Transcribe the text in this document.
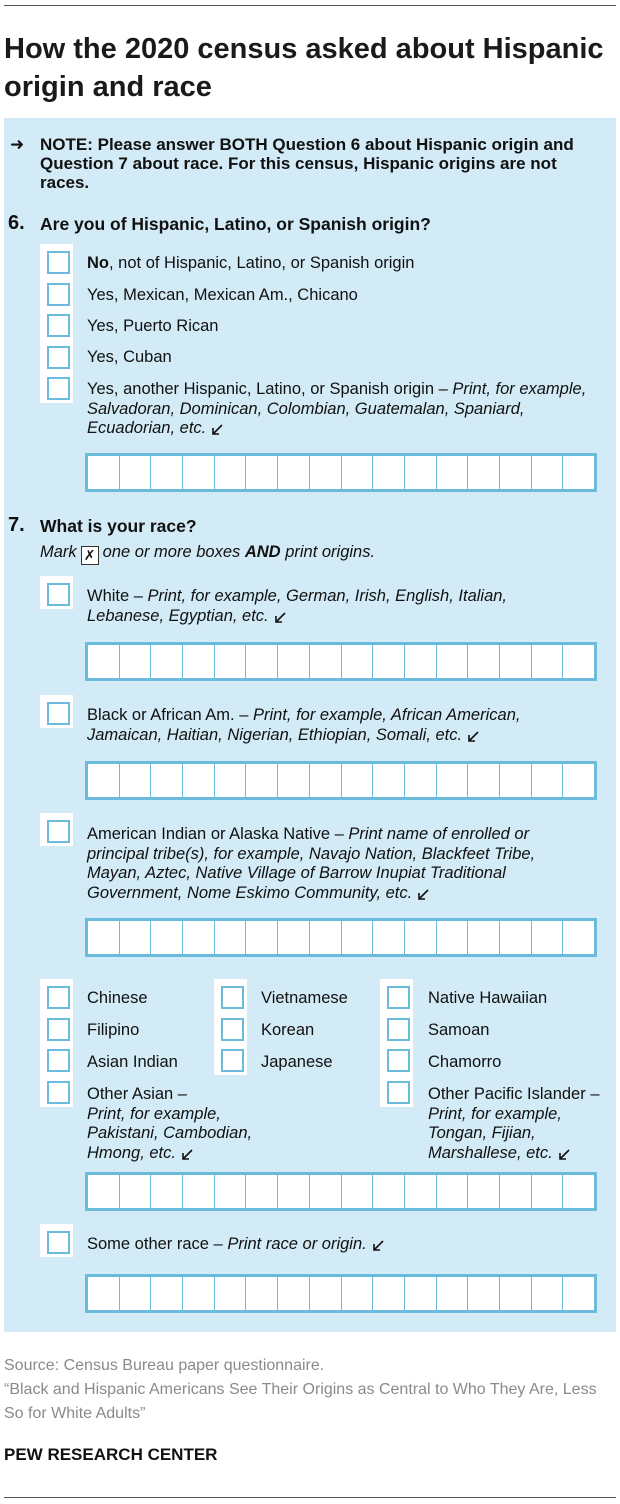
How the 2020 census asked about Hispanic origin and race
➜ NOTE: Please answer BOTH Question 6 about Hispanic origin and Question 7 about race. For this census, Hispanic origins are not races.
6. Are you of Hispanic, Latino, or Spanish origin?
No, not of Hispanic, Latino, or Spanish origin
Yes, Mexican, Mexican Am., Chicano
Yes, Puerto Rican
Yes, Cuban
Yes, another Hispanic, Latino, or Spanish origin – Print, for example, Salvadoran, Dominican, Colombian, Guatemalan, Spaniard, Ecuadorian, etc.
7. What is your race?
Mark ✗ one or more boxes AND print origins.
White – Print, for example, German, Irish, English, Italian, Lebanese, Egyptian, etc.
Black or African Am. – Print, for example, African American, Jamaican, Haitian, Nigerian, Ethiopian, Somali, etc.
American Indian or Alaska Native – Print name of enrolled or principal tribe(s), for example, Navajo Nation, Blackfeet Tribe, Mayan, Aztec, Native Village of Barrow Inupiat Traditional Government, Nome Eskimo Community, etc.
Chinese
Filipino
Asian Indian
Vietnamese
Korean
Japanese
Native Hawaiian
Samoan
Chamorro
Other Asian –
Print, for example, Pakistani, Cambodian, Hmong, etc.
Other Pacific Islander –
Print, for example, Tongan, Fijian, Marshallese, etc.
Some other race – Print race or origin.
Source: Census Bureau paper questionnaire.
“Black and Hispanic Americans See Their Origins as Central to Who They Are, Less So for White Adults”
PEW RESEARCH CENTER
